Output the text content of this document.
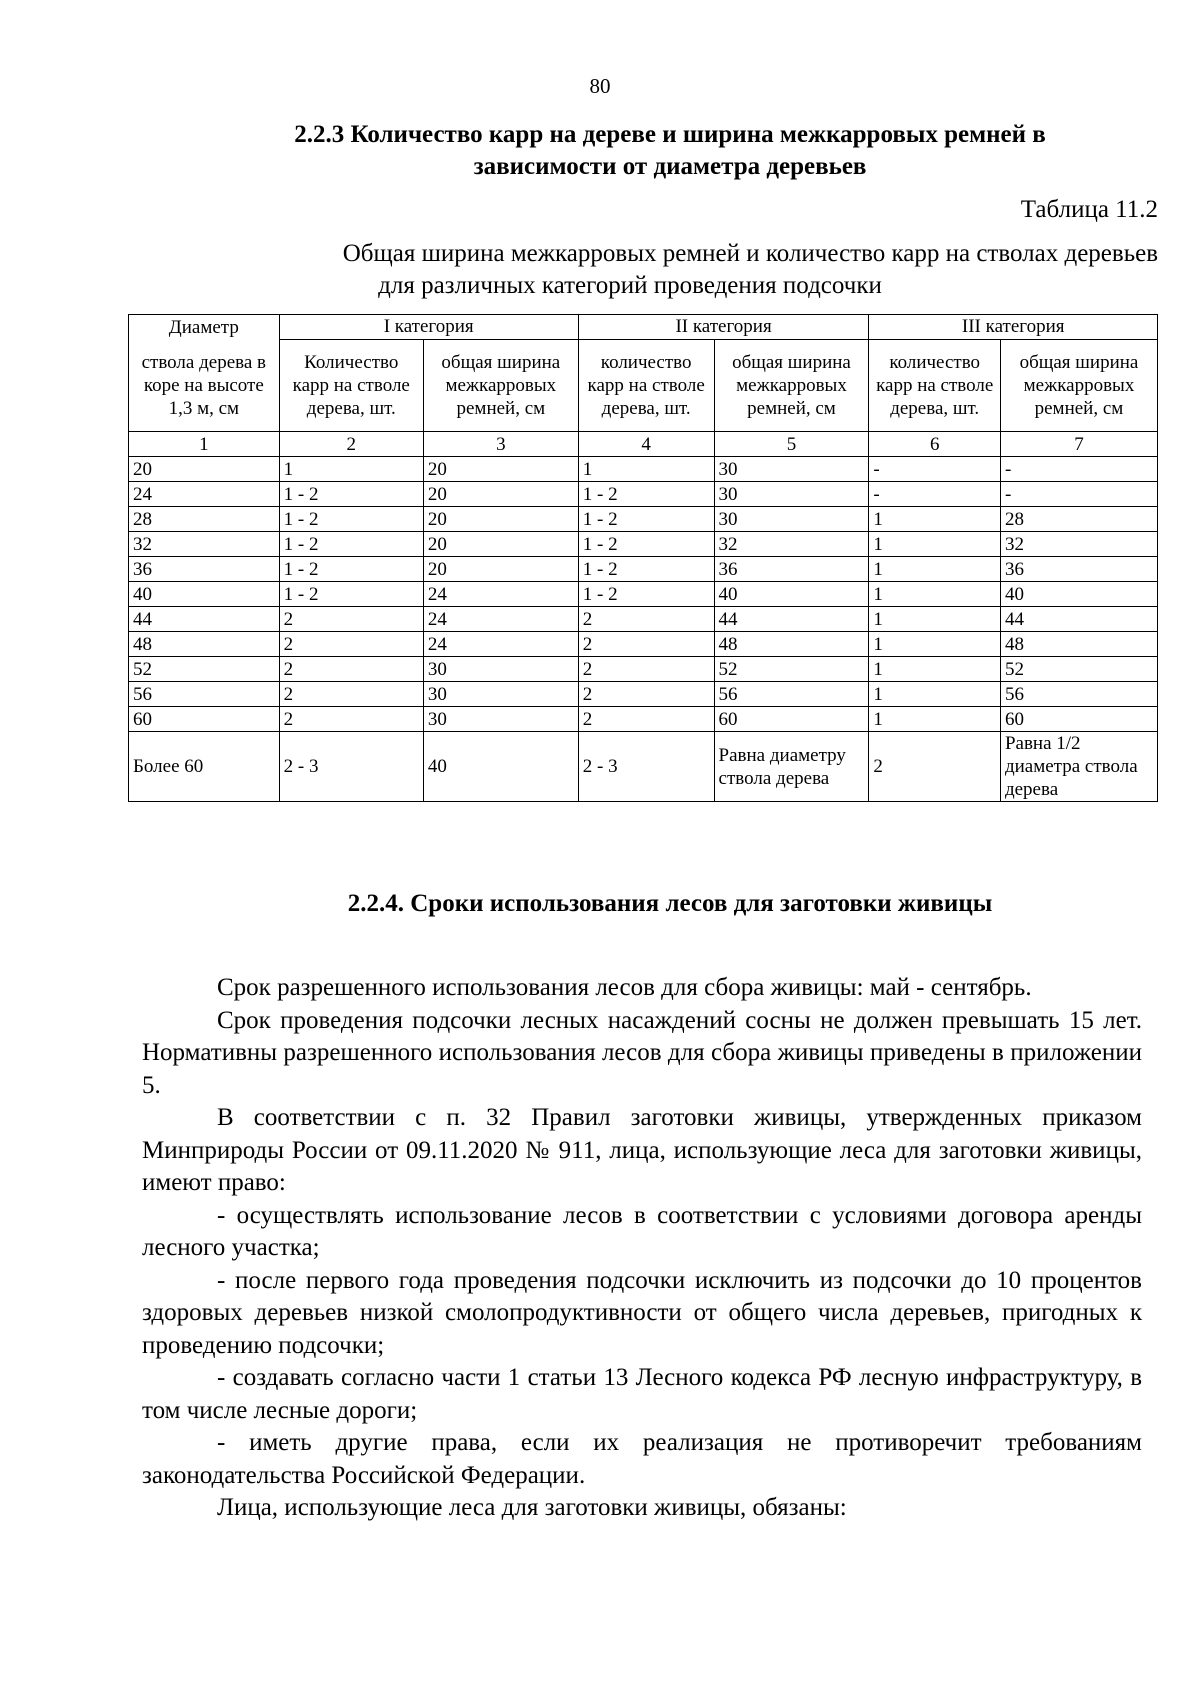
80
2.2.3 Количество карр на дереве и ширина межкарровых ремней в
зависимости от диаметра деревьев
Таблица 11.2
Общая ширина межкарровых ремней и количество карр на стволах деревьев
для различных категорий проведения подсочки
Диаметр	I категория		II категория		III категория	
ствола дерева в коре на высоте 1,3 м, см	Количество карр на стволе дерева, шт.	общая ширина межкарровых ремней, см	количество карр на стволе дерева, шт.	общая ширина межкарровых ремней, см	количество карр на стволе дерева, шт.	общая ширина межкарровых ремней, см
1	2	3	4	5	6	7
20	1	20	1	30	-	-
24	1 - 2	20	1 - 2	30	-	-
28	1 - 2	20	1 - 2	30	1	28
32	1 - 2	20	1 - 2	32	1	32
36	1 - 2	20	1 - 2	36	1	36
40	1 - 2	24	1 - 2	40	1	40
44	2	24	2	44	1	44
48	2	24	2	48	1	48
52	2	30	2	52	1	52
56	2	30	2	56	1	56
60	2	30	2	60	1	60
Более 60	2 - 3	40	2 - 3	Равна диаметру ствола дерева	2	Равна 1/2 диаметра ствола дерева
2.2.4. Сроки использования лесов для заготовки живицы

Срок разрешенного использования лесов для сбора живицы: май - сентябрь.

Срок проведения подсочки лесных насаждений сосны не должен превышать 15 лет. Нормативны разрешенного использования лесов для сбора живицы приведены в приложении 5.

В соответствии с п. 32 Правил заготовки живицы, утвержденных приказом Минприроды России от 09.11.2020 № 911, лица, использующие леса для заготовки живицы, имеют право:

- осуществлять использование лесов в соответствии с условиями договора аренды лесного участка;

- после первого года проведения подсочки исключить из подсочки до 10 процентов здоровых деревьев низкой смолопродуктивности от общего числа деревьев, пригодных к проведению подсочки;

- создавать согласно части 1 статьи 13 Лесного кодекса РФ лесную инфраструктуру, в том числе лесные дороги;

- иметь другие права, если их реализация не противоречит требованиям законодательства Российской Федерации.

Лица, использующие леса для заготовки живицы, обязаны:
